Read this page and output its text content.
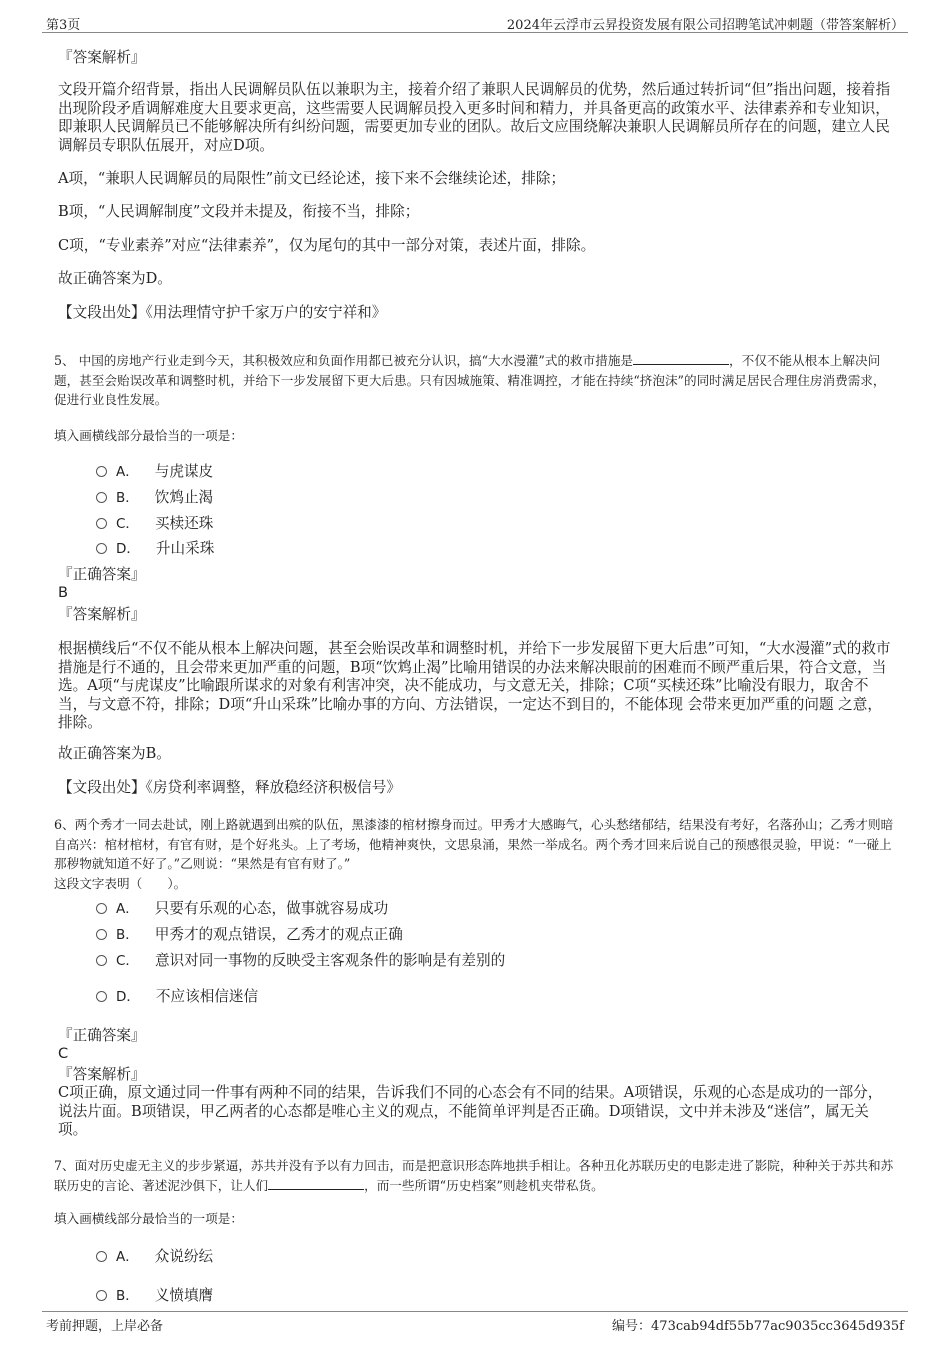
第3页	2024年云浮市云昇投资发展有限公司招聘笔试冲刺题（带答案解析）
『答案解析』
文段开篇介绍背景，指出人民调解员队伍以兼职为主，接着介绍了兼职人民调解员的优势，然后通过转折词“但”指出问题，接着指出现阶段矛盾调解难度大且要求更高，这些需要人民调解员投入更多时间和精力，并具备更高的政策水平、法律素养和专业知识，即兼职人民调解员已不能够解决所有纠纷问题，需要更加专业的团队。故后文应围绕解决兼职人民调解员所存在的问题，建立人民调解员专职队伍展开，对应D项。
A项，“兼职人民调解员的局限性”前文已经论述，接下来不会继续论述，排除；
B项，“人民调解制度”文段并未提及，衔接不当，排除；
C项，“专业素养”对应“法律素养”，仅为尾句的其中一部分对策，表述片面，排除。
故正确答案为D。
【文段出处】《用法理情守护千家万户的安宁祥和》
5、 中国的房地产行业走到今天，其积极效应和负面作用都已被充分认识，搞“大水漫灌”式的救市措施是	，不仅不能从根本上解决问题，甚至会贻误改革和调整时机，并给下一步发展留下更大后患。只有因城施策、精准调控，才能在持续“挤泡沫”的同时满足居民合理住房消费需求，促进行业良性发展。
填入画横线部分最恰当的一项是：
A． 与虎谋皮
B． 饮鸩止渴
C． 买椟还珠
D． 升山采珠
『正确答案』
B
『答案解析』
根据横线后“不仅不能从根本上解决问题，甚至会贻误改革和调整时机，并给下一步发展留下更大后患”可知，“大水漫灌”式的救市措施是行不通的，且会带来更加严重的问题，B项“饮鸩止渴”比喻用错误的办法来解决眼前的困难而不顾严重后果，符合文意，当选。A项“与虎谋皮”比喻跟所谋求的对象有利害冲突，决不能成功，与文意无关，排除；C项“买椟还珠”比喻没有眼力，取舍不当，与文意不符，排除；D项“升山采珠”比喻办事的方向、方法错误，一定达不到目的，不能体现 会带来更加严重的问题 之意，排除。
故正确答案为B。
【文段出处】《房贷利率调整，释放稳经济积极信号》
6、两个秀才一同去赴试，刚上路就遇到出殡的队伍，黑漆漆的棺材擦身而过。甲秀才大感晦气，心头愁绪郁结，结果没有考好，名落孙山；乙秀才则暗自高兴：棺材棺材，有官有财，是个好兆头。上了考场，他精神爽快，文思泉涌，果然一举成名。两个秀才回来后说自己的预感很灵验，甲说：“一碰上那秽物就知道不好了。”乙则说：“果然是有官有财了。”
这段文字表明（　　）。
A． 只要有乐观的心态，做事就容易成功
B． 甲秀才的观点错误，乙秀才的观点正确
C． 意识对同一事物的反映受主客观条件的影响是有差别的
D． 不应该相信迷信
『正确答案』
C
『答案解析』
C项正确，原文通过同一件事有两种不同的结果，告诉我们不同的心态会有不同的结果。A项错误，乐观的心态是成功的一部分，说法片面。B项错误，甲乙两者的心态都是唯心主义的观点，不能简单评判是否正确。D项错误，文中并未涉及“迷信”，属无关项。
7、面对历史虚无主义的步步紧逼，苏共并没有予以有力回击，而是把意识形态阵地拱手相让。各种丑化苏联历史的电影走进了影院，种种关于苏共和苏联历史的言论、著述泥沙俱下，让人们	，而一些所谓“历史档案”则趁机夹带私货。
填入画横线部分最恰当的一项是：
A． 众说纷纭
B． 义愤填膺
考前押题，上岸必备	编号：473cab94df55b77ac9035cc3645d935f
